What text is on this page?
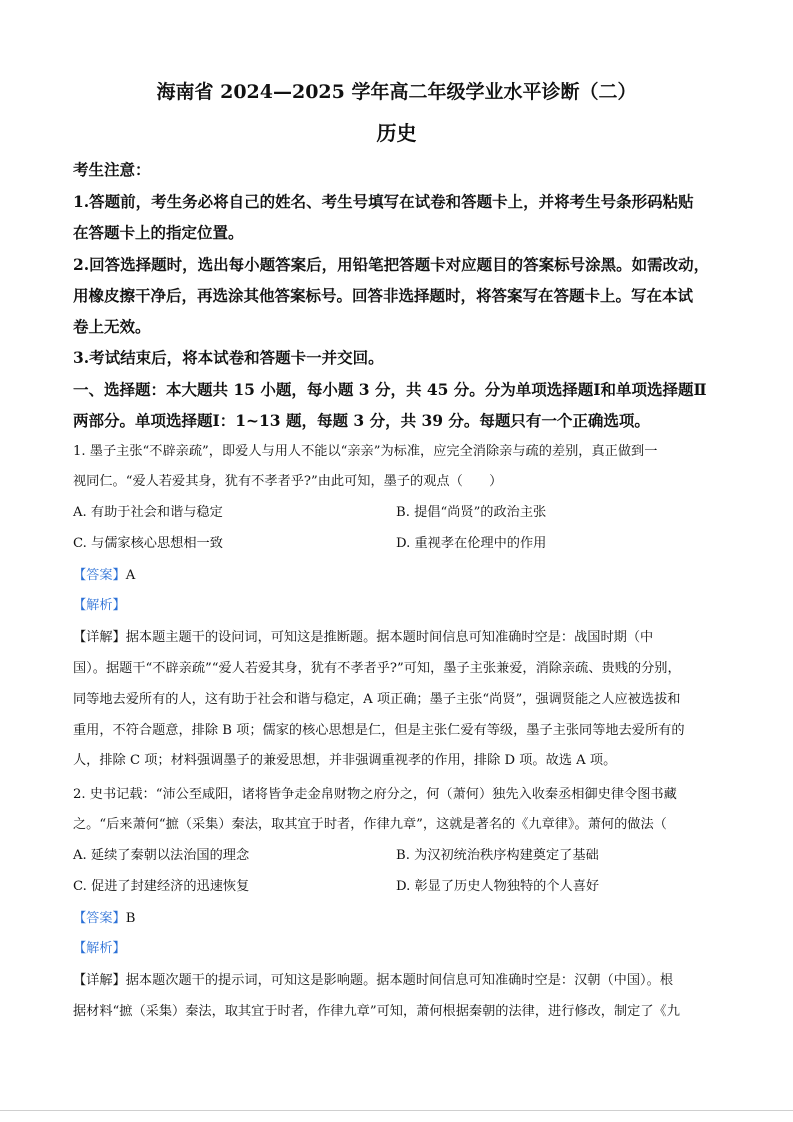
海南省 2024—2025 学年高二年级学业水平诊断（二）
历史
考生注意：
1.答题前，考生务必将自己的姓名、考生号填写在试卷和答题卡上，并将考生号条形码粘贴
在答题卡上的指定位置。
2.回答选择题时，选出每小题答案后，用铅笔把答题卡对应题目的答案标号涂黑。如需改动，
用橡皮擦干净后，再选涂其他答案标号。回答非选择题时，将答案写在答题卡上。写在本试
卷上无效。
3.考试结束后，将本试卷和答题卡一并交回。
一、选择题：本大题共 15 小题，每小题 3 分，共 45 分。分为单项选择题Ⅰ和单项选择题Ⅱ
两部分。单项选择题Ⅰ：1~13 题，每题 3 分，共 39 分。每题只有一个正确选项。
1. 墨子主张“不辟亲疏”，即爱人与用人不能以“亲亲”为标准，应完全消除亲与疏的差别，真正做到一
视同仁。“爱人若爱其身，犹有不孝者乎?”由此可知，墨子的观点（　　）
A. 有助于社会和谐与稳定	B. 提倡“尚贤”的政治主张
C. 与儒家核心思想相一致	D. 重视孝在伦理中的作用
【答案】A
【解析】
【详解】据本题主题干的设问词，可知这是推断题。据本题时间信息可知准确时空是：战国时期（中
国）。据题干“不辟亲疏”“爱人若爱其身，犹有不孝者乎?”可知，墨子主张兼爱，消除亲疏、贵贱的分别，
同等地去爱所有的人，这有助于社会和谐与稳定，A 项正确；墨子主张“尚贤”，强调贤能之人应被选拔和
重用，不符合题意，排除 B 项；儒家的核心思想是仁，但是主张仁爱有等级，墨子主张同等地去爱所有的
人，排除 C 项；材料强调墨子的兼爱思想，并非强调重视孝的作用，排除 D 项。故选 A 项。
2. 史书记载：“沛公至咸阳，诸将皆争走金帛财物之府分之，何（萧何）独先入收秦丞相御史律令图书藏
之。“后来萧何“摭（采集）秦法，取其宜于时者，作律九章”，这就是著名的《九章律》。萧何的做法（
A. 延续了秦朝以法治国的理念	B. 为汉初统治秩序构建奠定了基础
C. 促进了封建经济的迅速恢复	D. 彰显了历史人物独特的个人喜好
【答案】B
【解析】
【详解】据本题次题干的提示词，可知这是影响题。据本题时间信息可知准确时空是：汉朝（中国）。根
据材料“摭（采集）秦法，取其宜于时者，作律九章”可知，萧何根据秦朝的法律，进行修改，制定了《九
